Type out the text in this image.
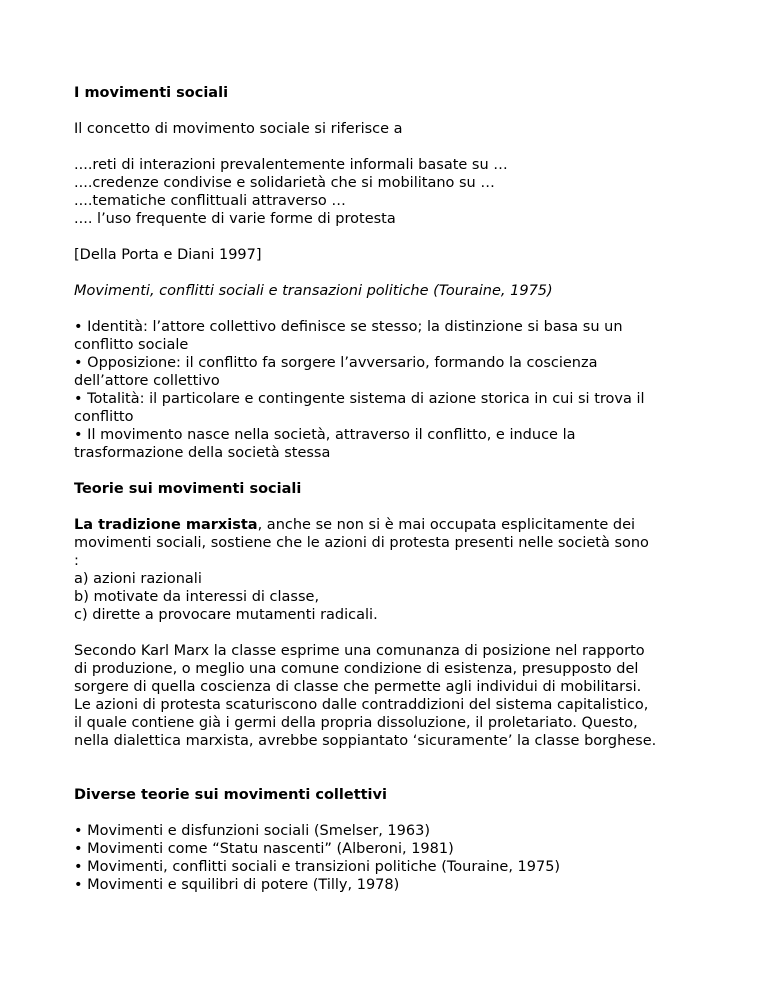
I movimenti sociali

Il concetto di movimento sociale si riferisce a

....reti di interazioni prevalentemente informali basate su …
....credenze condivise e solidarietà che si mobilitano su …
....tematiche conflittuali attraverso …
.... l’uso frequente di varie forme di protesta

[Della Porta e Diani 1997]

Movimenti, conflitti sociali e transazioni politiche (Touraine, 1975)

• Identità: l’attore collettivo definisce se stesso; la distinzione si basa su un
conflitto sociale
• Opposizione: il conflitto fa sorgere l’avversario, formando la coscienza
dell’attore collettivo
• Totalità: il particolare e contingente sistema di azione storica in cui si trova il
conflitto
• Il movimento nasce nella società, attraverso il conflitto, e induce la
trasformazione della società stessa

Teorie sui movimenti sociali

La tradizione marxista, anche se non si è mai occupata esplicitamente dei
movimenti sociali, sostiene che le azioni di protesta presenti nelle società sono
:

a) azioni razionali
b) motivate da interessi di classe,
c) dirette a provocare mutamenti radicali.

Secondo Karl Marx la classe esprime una comunanza di posizione nel rapporto
di produzione, o meglio una comune condizione di esistenza, presupposto del
sorgere di quella coscienza di classe che permette agli individui di mobilitarsi.
Le azioni di protesta scaturiscono dalle contraddizioni del sistema capitalistico,
il quale contiene già i germi della propria dissoluzione, il proletariato. Questo,
nella dialettica marxista, avrebbe soppiantato ‘sicuramente’ la classe borghese.

Diverse teorie sui movimenti collettivi

• Movimenti e disfunzioni sociali (Smelser, 1963)
• Movimenti come “Statu nascenti” (Alberoni, 1981)
• Movimenti, conflitti sociali e transizioni politiche (Touraine, 1975)
• Movimenti e squilibri di potere (Tilly, 1978)
